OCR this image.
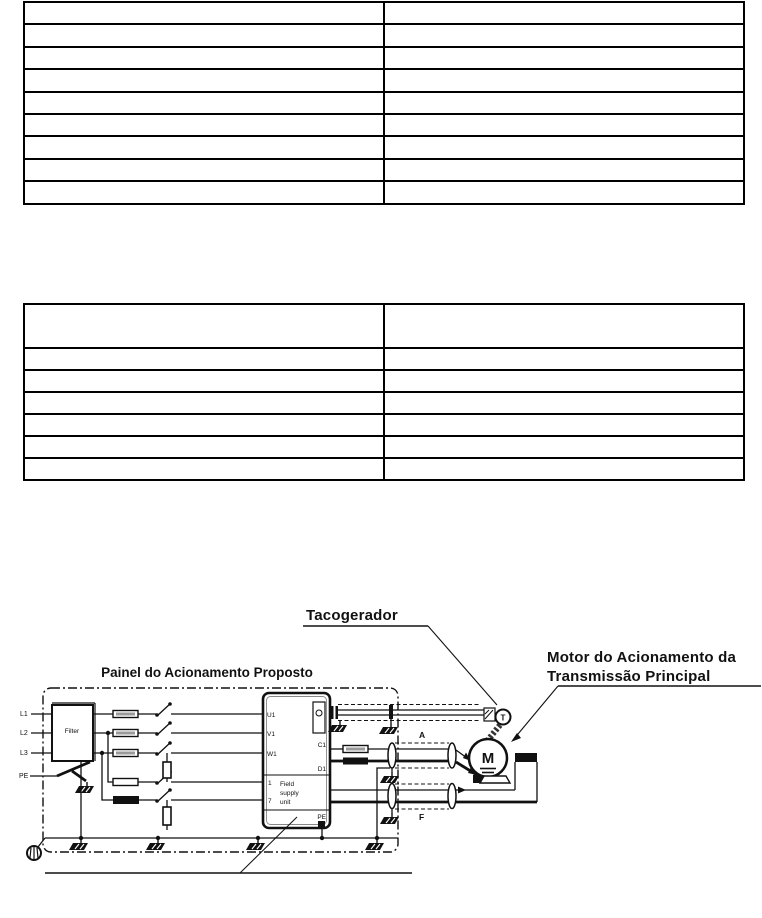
Tacogerador
Motor do Acionamento da
Transmissão Principal
Painel do Acionamento Proposto
L1
L2
L3
PE
Filter
U1
V1
W1
1
7
C1
D1
PE
Field
supply
unit
T
A
F
M
